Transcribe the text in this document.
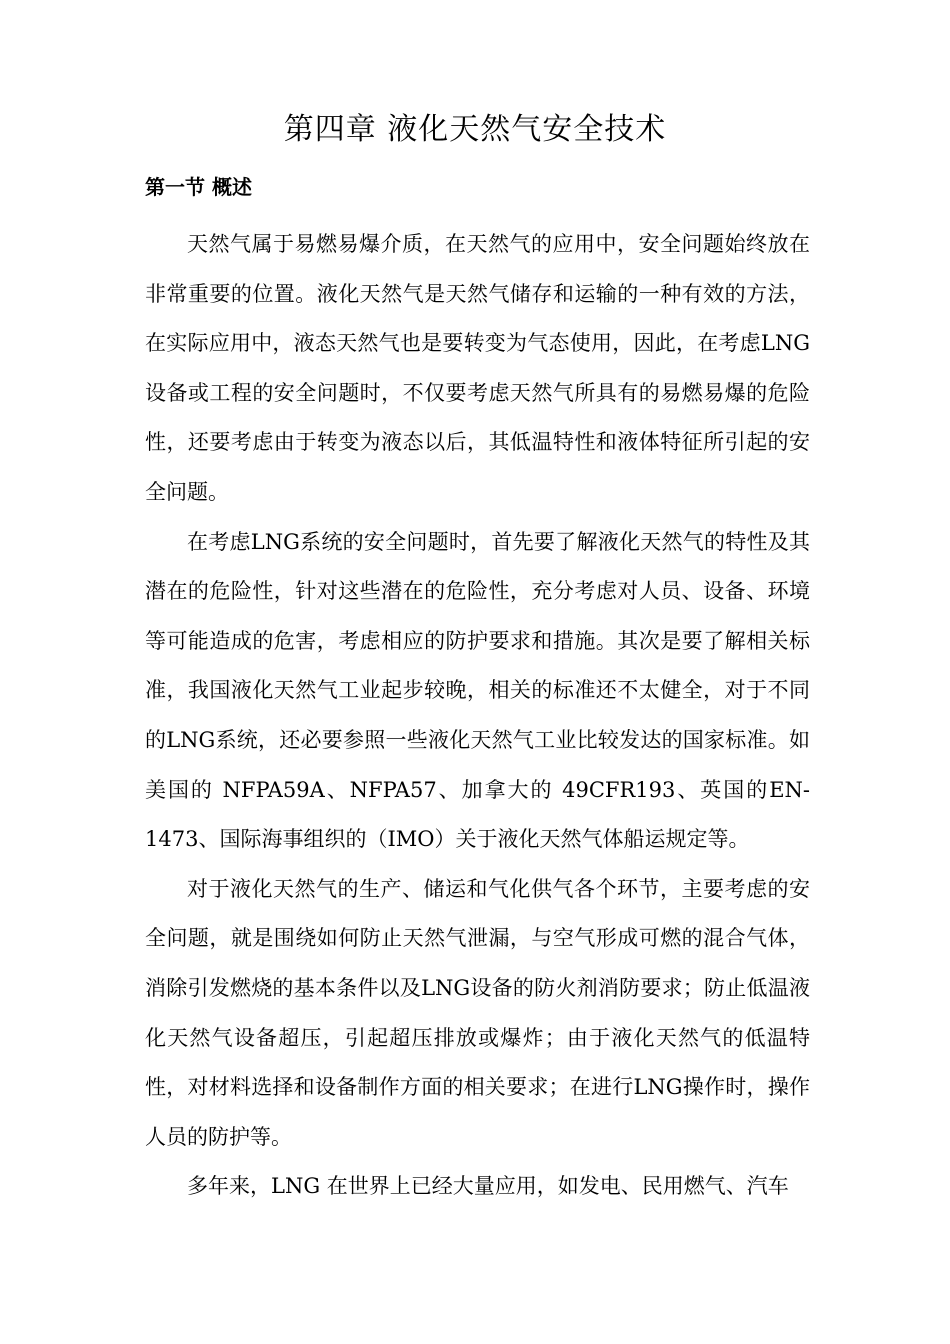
第四章 液化天然气安全技术
第一节 概述

天然气属于易燃易爆介质，在天然气的应用中，安全问题始终放在非常重要的位置。液化天然气是天然气储存和运输的一种有效的方法，在实际应用中，液态天然气也是要转变为气态使用，因此，在考虑LNG设备或工程的安全问题时，不仅要考虑天然气所具有的易燃易爆的危险性，还要考虑由于转变为液态以后，其低温特性和液体特征所引起的安全问题。

在考虑LNG系统的安全问题时，首先要了解液化天然气的特性及其潜在的危险性，针对这些潜在的危险性，充分考虑对人员、设备、环境等可能造成的危害，考虑相应的防护要求和措施。其次是要了解相关标准，我国液化天然气工业起步较晚，相关的标准还不太健全，对于不同的LNG系统，还必要参照一些液化天然气工业比较发达的国家标准。如美国的 NFPA59A、NFPA57、加拿大的 49CFR193、英国的EN-1473、国际海事组织的（IMO）关于液化天然气体船运规定等。

对于液化天然气的生产、储运和气化供气各个环节，主要考虑的安全问题，就是围绕如何防止天然气泄漏，与空气形成可燃的混合气体，消除引发燃烧的基本条件以及LNG设备的防火剂消防要求；防止低温液化天然气设备超压，引起超压排放或爆炸；由于液化天然气的低温特性，对材料选择和设备制作方面的相关要求；在进行LNG操作时，操作人员的防护等。

多年来，LNG 在世界上已经大量应用，如发电、民用燃气、汽车
